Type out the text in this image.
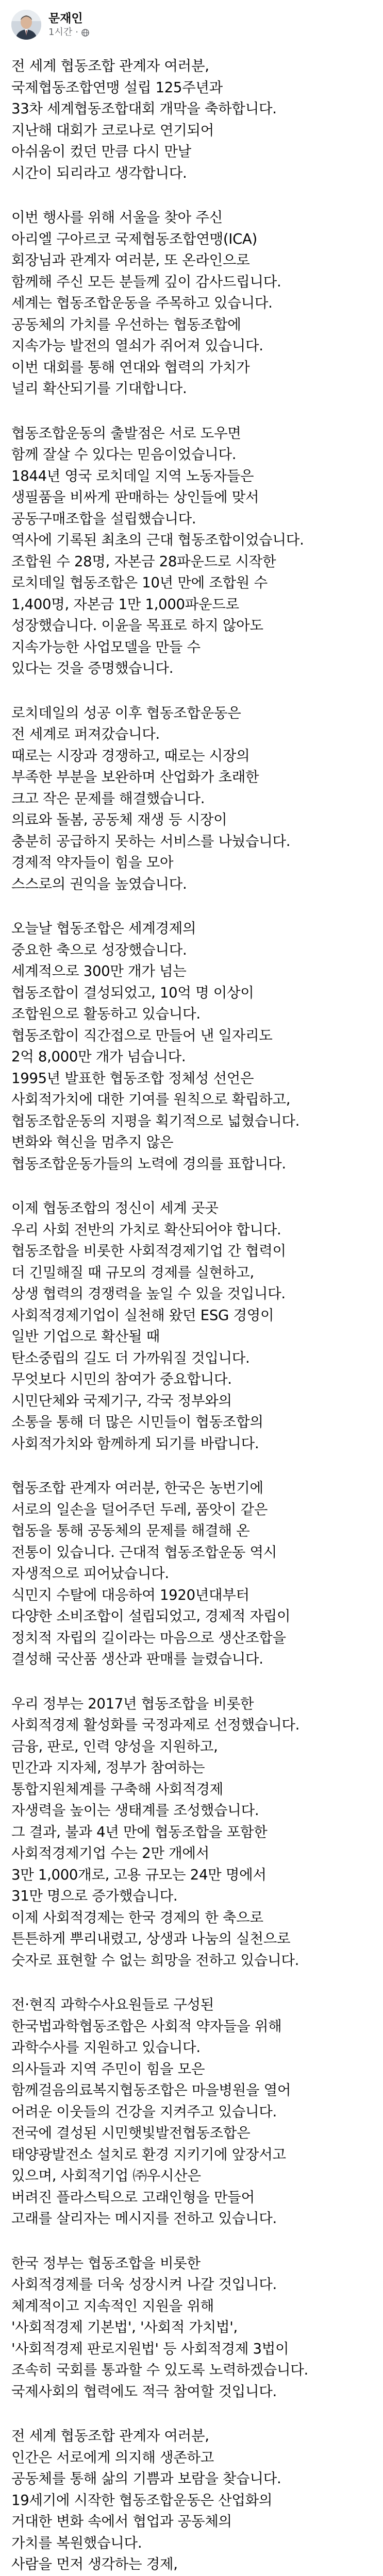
문재인
1시간 ·

전 세계 협동조합 관계자 여러분,
국제협동조합연맹 설립 125주년과
33차 세계협동조합대회 개막을 축하합니다.
지난해 대회가 코로나로 연기되어
아쉬움이 컸던 만큼 다시 만날
시간이 되리라고 생각합니다.

이번 행사를 위해 서울을 찾아 주신
아리엘 구아르코 국제협동조합연맹(ICA)
회장님과 관계자 여러분, 또 온라인으로
함께해 주신 모든 분들께 깊이 감사드립니다.
세계는 협동조합운동을 주목하고 있습니다.
공동체의 가치를 우선하는 협동조합에
지속가능 발전의 열쇠가 쥐어져 있습니다.
이번 대회를 통해 연대와 협력의 가치가
널리 확산되기를 기대합니다.

협동조합운동의 출발점은 서로 도우면
함께 잘살 수 있다는 믿음이었습니다.
1844년 영국 로치데일 지역 노동자들은
생필품을 비싸게 판매하는 상인들에 맞서
공동구매조합을 설립했습니다.
역사에 기록된 최초의 근대 협동조합이었습니다.
조합원 수 28명, 자본금 28파운드로 시작한
로치데일 협동조합은 10년 만에 조합원 수
1,400명, 자본금 1만 1,000파운드로
성장했습니다. 이윤을 목표로 하지 않아도
지속가능한 사업모델을 만들 수
있다는 것을 증명했습니다.

로치데일의 성공 이후 협동조합운동은
전 세계로 퍼져갔습니다.
때로는 시장과 경쟁하고, 때로는 시장의
부족한 부분을 보완하며 산업화가 초래한
크고 작은 문제를 해결했습니다.
의료와 돌봄, 공동체 재생 등 시장이
충분히 공급하지 못하는 서비스를 나눴습니다.
경제적 약자들이 힘을 모아
스스로의 권익을 높였습니다.

오늘날 협동조합은 세계경제의
중요한 축으로 성장했습니다.
세계적으로 300만 개가 넘는
협동조합이 결성되었고, 10억 명 이상이
조합원으로 활동하고 있습니다.
협동조합이 직간접으로 만들어 낸 일자리도
2억 8,000만 개가 넘습니다.
1995년 발표한 협동조합 정체성 선언은
사회적가치에 대한 기여를 원칙으로 확립하고,
협동조합운동의 지평을 획기적으로 넓혔습니다.
변화와 혁신을 멈추지 않은
협동조합운동가들의 노력에 경의를 표합니다.

이제 협동조합의 정신이 세계 곳곳
우리 사회 전반의 가치로 확산되어야 합니다.
협동조합을 비롯한 사회적경제기업 간 협력이
더 긴밀해질 때 규모의 경제를 실현하고,
상생 협력의 경쟁력을 높일 수 있을 것입니다.
사회적경제기업이 실천해 왔던 ESG 경영이
일반 기업으로 확산될 때
탄소중립의 길도 더 가까워질 것입니다.
무엇보다 시민의 참여가 중요합니다.
시민단체와 국제기구, 각국 정부와의
소통을 통해 더 많은 시민들이 협동조합의
사회적가치와 함께하게 되기를 바랍니다.

협동조합 관계자 여러분, 한국은 농번기에
서로의 일손을 덜어주던 두레, 품앗이 같은
협동을 통해 공동체의 문제를 해결해 온
전통이 있습니다. 근대적 협동조합운동 역시
자생적으로 피어났습니다.
식민지 수탈에 대응하여 1920년대부터
다양한 소비조합이 설립되었고, 경제적 자립이
정치적 자립의 길이라는 마음으로 생산조합을
결성해 국산품 생산과 판매를 늘렸습니다.

우리 정부는 2017년 협동조합을 비롯한
사회적경제 활성화를 국정과제로 선정했습니다.
금융, 판로, 인력 양성을 지원하고,
민간과 지자체, 정부가 참여하는
통합지원체계를 구축해 사회적경제
자생력을 높이는 생태계를 조성했습니다.
그 결과, 불과 4년 만에 협동조합을 포함한
사회적경제기업 수는 2만 개에서
3만 1,000개로, 고용 규모는 24만 명에서
31만 명으로 증가했습니다.
이제 사회적경제는 한국 경제의 한 축으로
튼튼하게 뿌리내렸고, 상생과 나눔의 실천으로
숫자로 표현할 수 없는 희망을 전하고 있습니다.

전·현직 과학수사요원들로 구성된
한국법과학협동조합은 사회적 약자들을 위해
과학수사를 지원하고 있습니다.
의사들과 지역 주민이 힘을 모은
함께걸음의료복지협동조합은 마을병원을 열어
어려운 이웃들의 건강을 지켜주고 있습니다.
전국에 결성된 시민햇빛발전협동조합은
태양광발전소 설치로 환경 지키기에 앞장서고
있으며, 사회적기업 ㈜우시산은
버려진 플라스틱으로 고래인형을 만들어
고래를 살리자는 메시지를 전하고 있습니다.

한국 정부는 협동조합을 비롯한
사회적경제를 더욱 성장시켜 나갈 것입니다.
체계적이고 지속적인 지원을 위해
'사회적경제 기본법', '사회적 가치법',
'사회적경제 판로지원법' 등 사회적경제 3법이
조속히 국회를 통과할 수 있도록 노력하겠습니다.
국제사회의 협력에도 적극 참여할 것입니다.

전 세계 협동조합 관계자 여러분,
인간은 서로에게 의지해 생존하고
공동체를 통해 삶의 기쁨과 보람을 찾습니다.
19세기에 시작한 협동조합운동은 산업화의
거대한 변화 속에서 협업과 공동체의
가치를 복원했습니다.
사람을 먼저 생각하는 경제,
